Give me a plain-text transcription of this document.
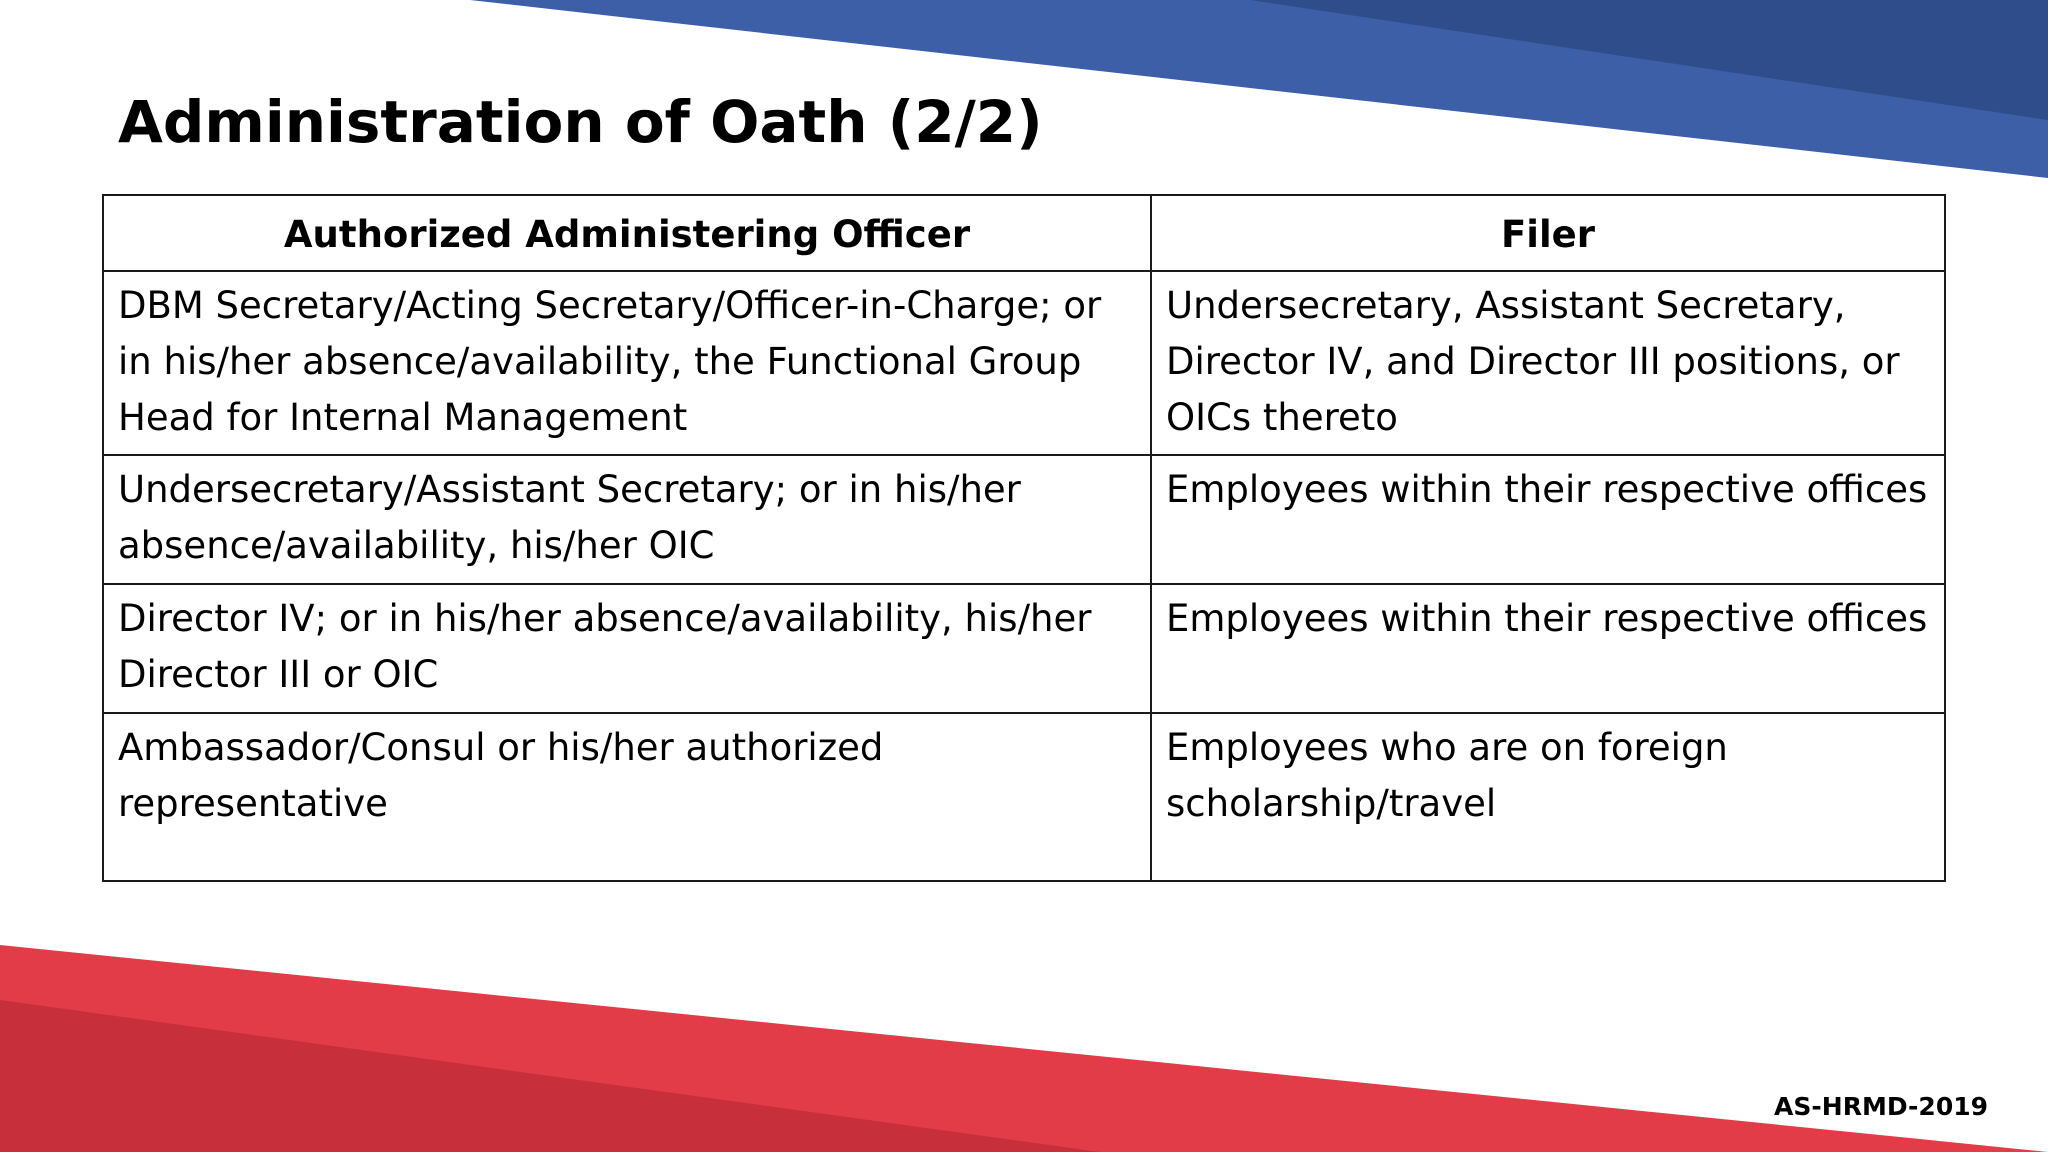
Administration of Oath (2/2)
Authorized Administering Officer	Filer
DBM Secretary/Acting Secretary/Officer-in-Charge; or in his/her absence/availability, the Functional Group Head for Internal Management	Undersecretary, Assistant Secretary, Director IV, and Director III positions, or OICs thereto
Undersecretary/Assistant Secretary; or in his/her absence/availability, his/her OIC	Employees within their respective offices
Director IV; or in his/her absence/availability, his/her Director III or OIC	Employees within their respective offices
Ambassador/Consul or his/her authorized representative	Employees who are on foreign scholarship/travel
AS-HRMD-2019
